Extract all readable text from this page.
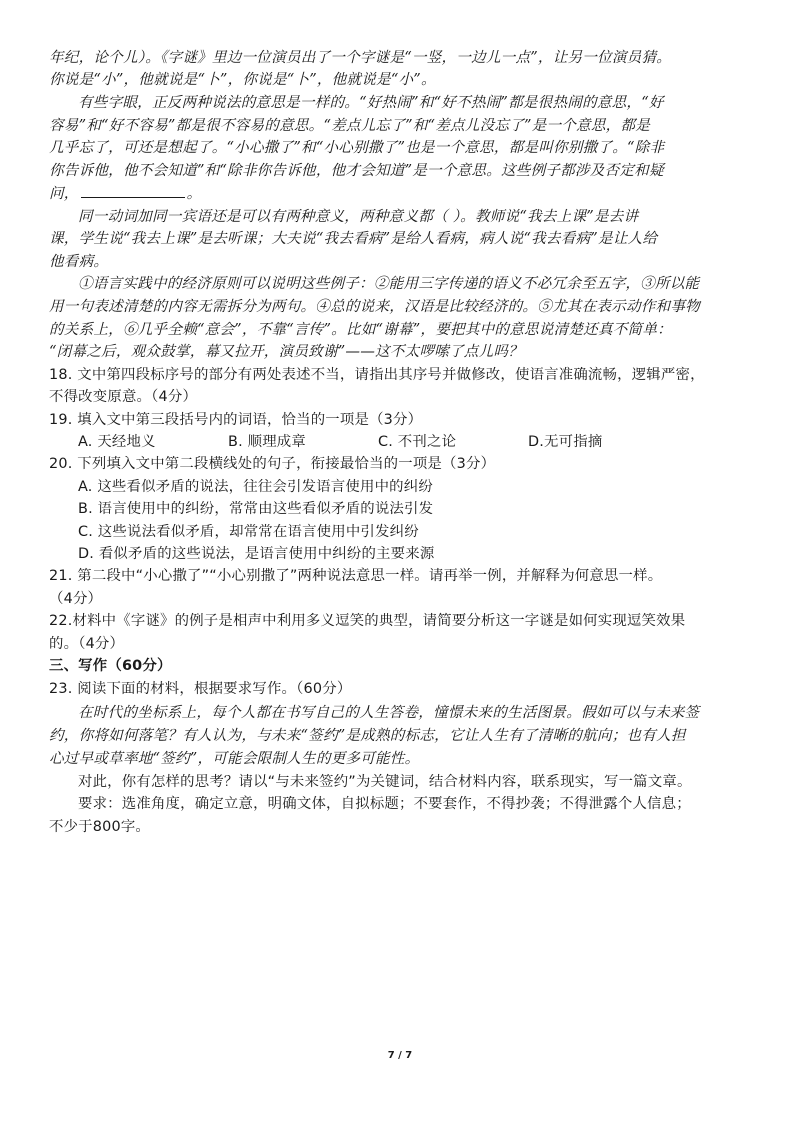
年纪，论个儿）。《字谜》里边一位演员出了一个字谜是“一竖，一边儿一点”，让另一位演员猜。
你说是“小”，他就说是“卜”，你说是“卜”，他就说是“小”。
有些字眼，正反两种说法的意思是一样的。“好热闹”和“好不热闹”都是很热闹的意思，“好
容易”和“好不容易”都是很不容易的意思。“差点儿忘了”和“差点儿没忘了”是一个意思，都是
几乎忘了，可还是想起了。“小心撒了”和“小心别撒了”也是一个意思，都是叫你别撒了。“除非
你告诉他，他不会知道”和“除非你告诉他，他才会知道”是一个意思。这些例子都涉及否定和疑
问，	。
同一动词加同一宾语还是可以有两种意义，两种意义都（ ）。教师说“我去上课”是去讲
课，学生说“我去上课”是去听课；大夫说“我去看病”是给人看病，病人说“我去看病”是让人给
他看病。
①语言实践中的经济原则可以说明这些例子：②能用三字传递的语义不必冗余至五字，③所以能
用一句表述清楚的内容无需拆分为两句。④总的说来，汉语是比较经济的。⑤尤其在表示动作和事物
的关系上，⑥几乎全赖“意会”，不靠“言传”。比如“谢幕”，要把其中的意思说清楚还真不简单：
“闭幕之后，观众鼓掌，幕又拉开，演员致谢”——这不太啰嗦了点儿吗？
18. 文中第四段标序号的部分有两处表述不当，请指出其序号并做修改，使语言准确流畅，逻辑严密，
不得改变原意。（4分）
19. 填入文中第三段括号内的词语，恰当的一项是（3分）
A. 天经地义	B. 顺理成章	C. 不刊之论	D.无可指摘
20. 下列填入文中第二段横线处的句子，衔接最恰当的一项是（3分）
A. 这些看似矛盾的说法，往往会引发语言使用中的纠纷
B. 语言使用中的纠纷，常常由这些看似矛盾的说法引发
C. 这些说法看似矛盾，却常常在语言使用中引发纠纷
D. 看似矛盾的这些说法，是语言使用中纠纷的主要来源
21. 第二段中“小心撒了”“小心别撒了”两种说法意思一样。请再举一例，并解释为何意思一样。
（4分）
22.材料中《字谜》的例子是相声中利用多义逗笑的典型，请简要分析这一字谜是如何实现逗笑效果
的。（4分）
三、写作（60分）
23. 阅读下面的材料，根据要求写作。（60分）
在时代的坐标系上，每个人都在书写自己的人生答卷，憧憬未来的生活图景。假如可以与未来签
约，你将如何落笔？有人认为，与未来“签约”是成熟的标志，它让人生有了清晰的航向；也有人担
心过早或草率地“签约”，可能会限制人生的更多可能性。
对此，你有怎样的思考？请以“与未来签约”为关键词，结合材料内容，联系现实，写一篇文章。
要求：选准角度，确定立意，明确文体，自拟标题；不要套作，不得抄袭；不得泄露个人信息；
不少于800字。
7 / 7
